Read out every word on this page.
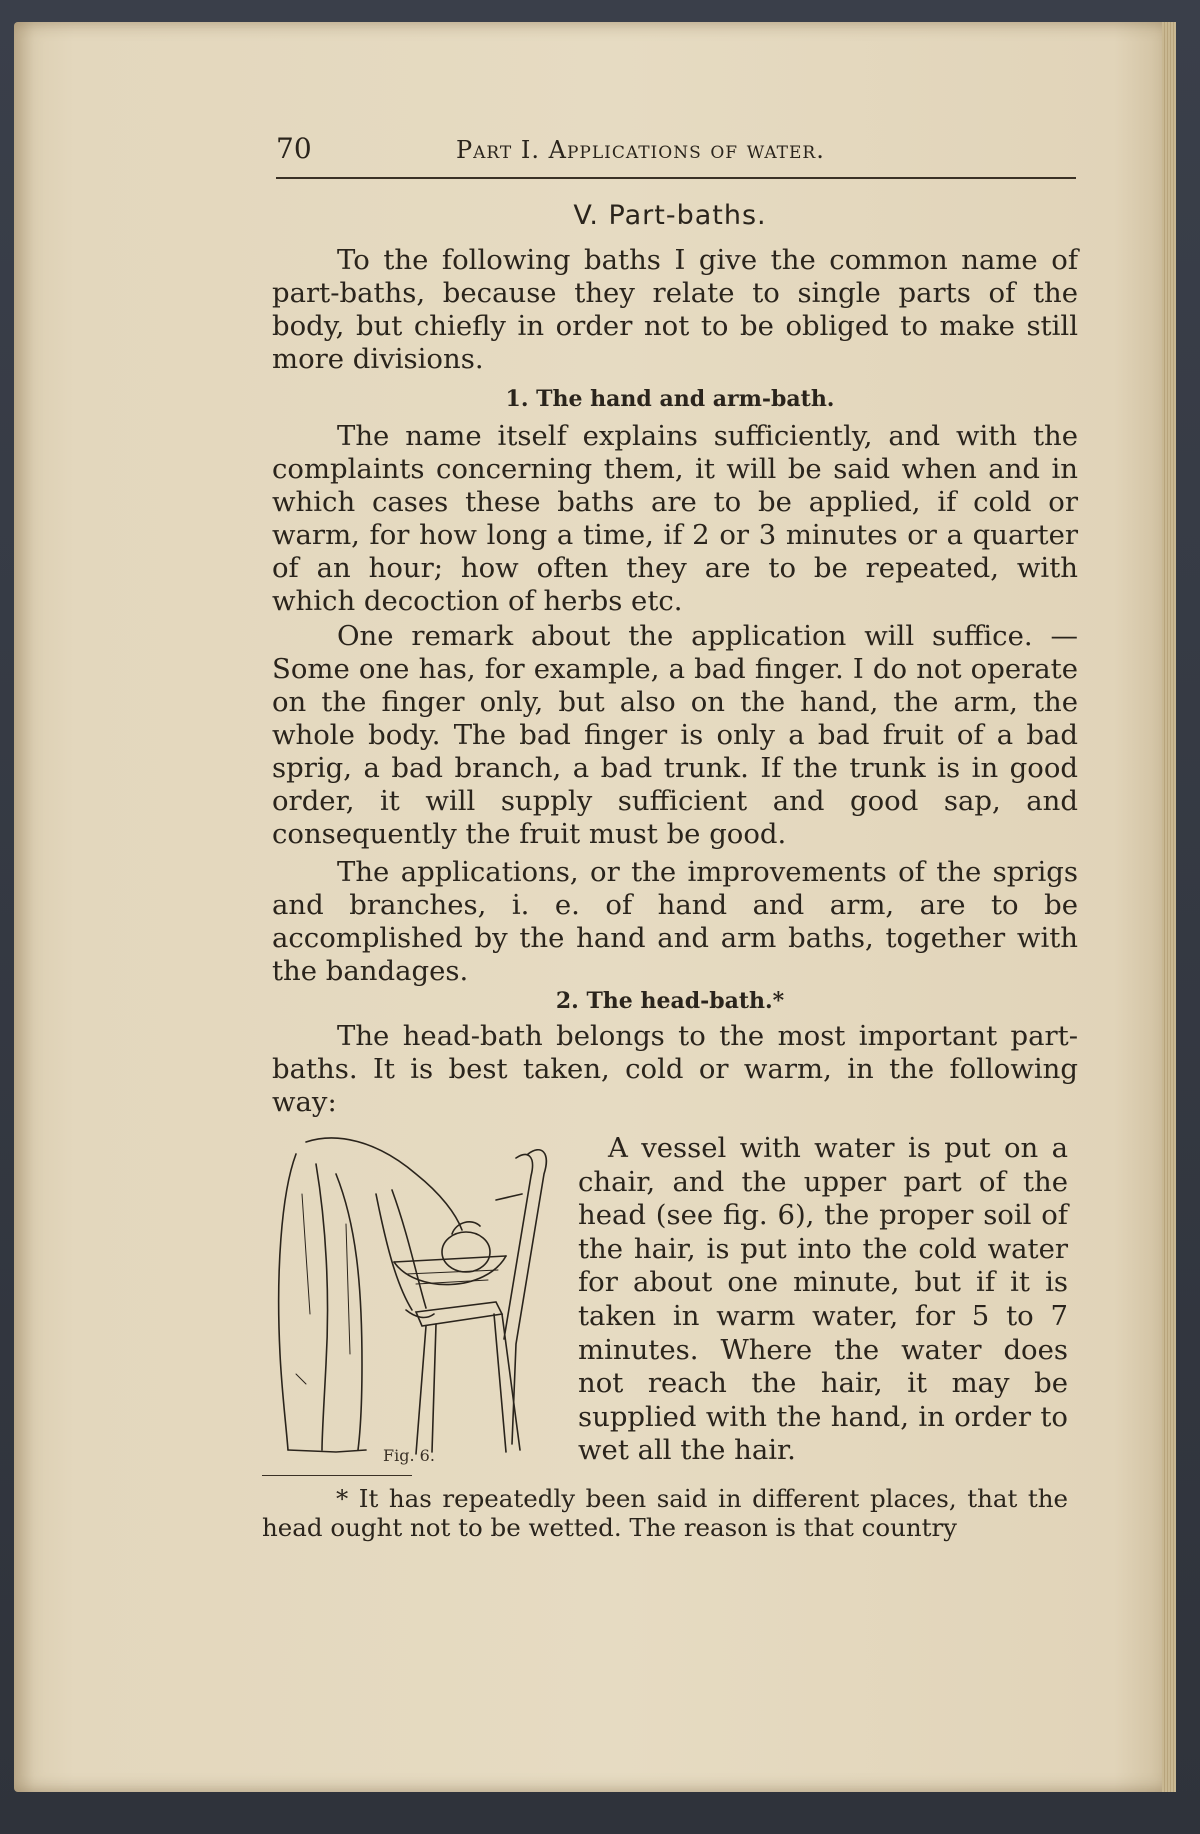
70	Part I. Applications of water.
V. Part-baths.
To the following baths I give the common name of part-baths, because they relate to single parts of the body, but chiefly in order not to be obliged to make still more divisions.
1. The hand and arm-bath.
The name itself explains sufficiently, and with the complaints concerning them, it will be said when and in which cases these baths are to be applied, if cold or warm, for how long a time, if 2 or 3 minutes or a quarter of an hour; how often they are to be repeated, with which decoction of herbs etc.
One remark about the application will suffice. — Some one has, for example, a bad finger. I do not operate on the finger only, but also on the hand, the arm, the whole body. The bad finger is only a bad fruit of a bad sprig, a bad branch, a bad trunk. If the trunk is in good order, it will supply sufficient and good sap, and consequently the fruit must be good.
The applications, or the improvements of the sprigs and branches, i. e. of hand and arm, are to be accomplished by the hand and arm baths, together with the bandages.
2. The head-bath.*
The head-bath belongs to the most important part-baths. It is best taken, cold or warm, in the following way:
Fig. 6.
A vessel with water is put on a chair, and the upper part of the head (see fig. 6), the proper soil of the hair, is put into the cold water for about one minute, but if it is taken in warm water, for 5 to 7 minutes. Where the water does not reach the hair, it may be supplied with the hand, in order to wet all the hair.
* It has repeatedly been said in different places, that the head ought not to be wetted. The reason is that country
